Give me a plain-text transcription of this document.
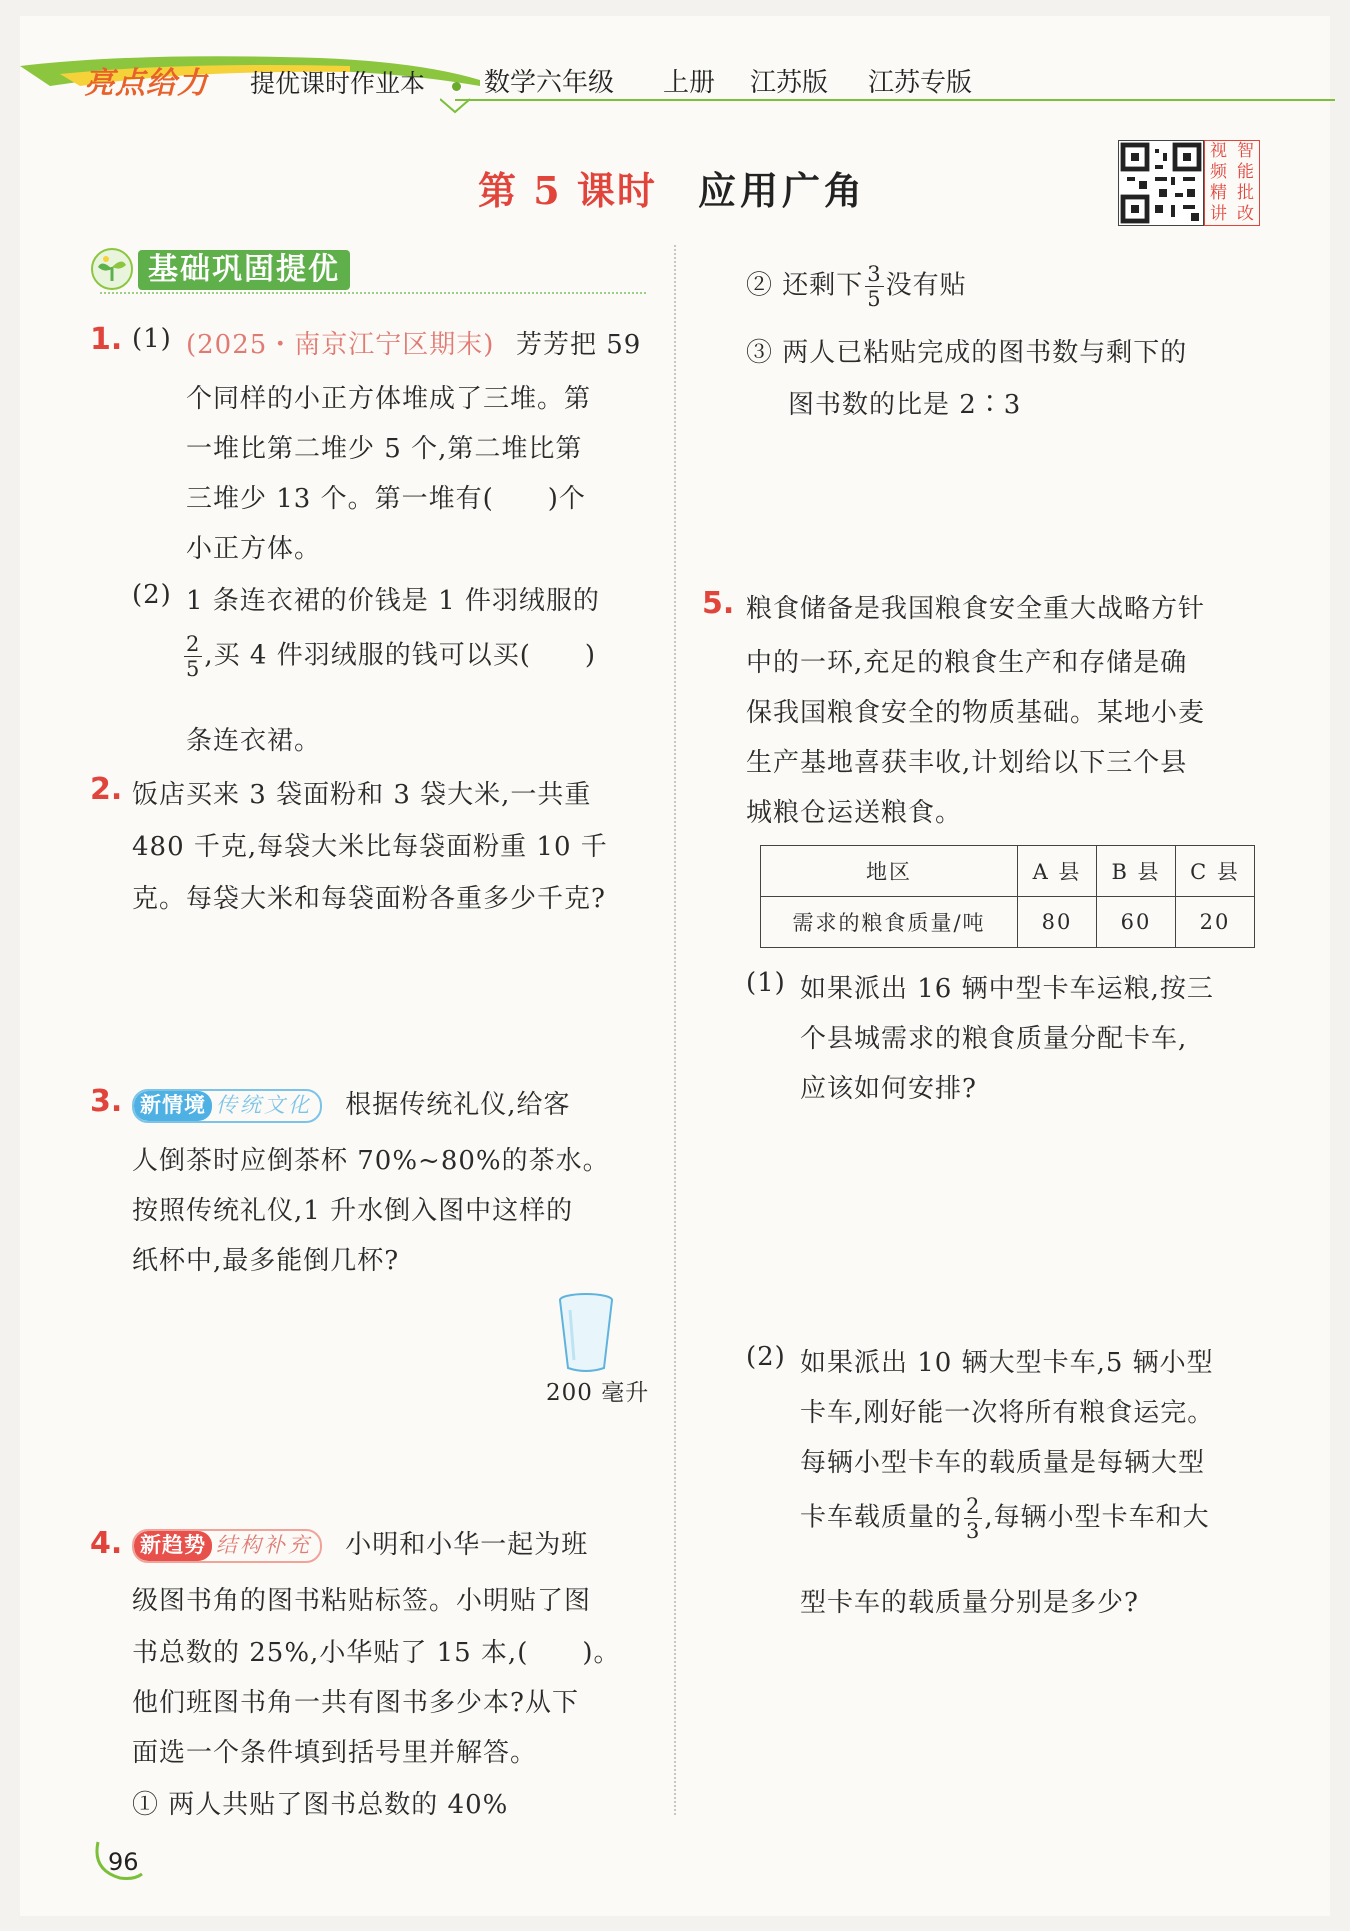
亮点给力 提优课时作业本 数学六年级 上册 江苏版 江苏专版
第 5 课时 应用广角
视 智
频 能
精 批
讲 改
基础巩固提优
1. (1) (2025・南京江宁区期末) 芳芳把 59
个同样的小正方体堆成了三堆。第
一堆比第二堆少 5 个,第二堆比第
三堆少 13 个。第一堆有(　　)个
小正方体。
(2) 1 条连衣裙的价钱是 1 件羽绒服的
$\frac{2}{5}$ ,买 4 件羽绒服的钱可以买(　　)
条连衣裙。
2. 饭店买来 3 袋面粉和 3 袋大米,一共重
480 千克,每袋大米比每袋面粉重 10 千
克。每袋大米和每袋面粉各重多少千克?
3. 新情境 传统文化 根据传统礼仪,给客
人倒茶时应倒茶杯 70%~80%的茶水。
按照传统礼仪,1 升水倒入图中这样的
纸杯中,最多能倒几杯?
200 毫升
4. 新趋势 结构补充 小明和小华一起为班
级图书角的图书粘贴标签。小明贴了图
书总数的 25%,小华贴了 15 本,(　　)。
他们班图书角一共有图书多少本?从下
面选一个条件填到括号里并解答。
① 两人共贴了图书总数的 40%
② 还剩下 $\frac{3}{5}$ 没有贴
③ 两人已粘贴完成的图书数与剩下的
图书数的比是 2∶3
5. 粮食储备是我国粮食安全重大战略方针
中的一环,充足的粮食生产和存储是确
保我国粮食安全的物质基础。某地小麦
生产基地喜获丰收,计划给以下三个县
城粮仓运送粮食。
地区	A 县	B 县	C 县
需求的粮食质量/吨	80	60	20
(1) 如果派出 16 辆中型卡车运粮,按三
个县城需求的粮食质量分配卡车,
应该如何安排?
(2) 如果派出 10 辆大型卡车,5 辆小型
卡车,刚好能一次将所有粮食运完。
每辆小型卡车的载质量是每辆大型
卡车载质量的 $\frac{2}{3}$ ,每辆小型卡车和大
型卡车的载质量分别是多少?
96
